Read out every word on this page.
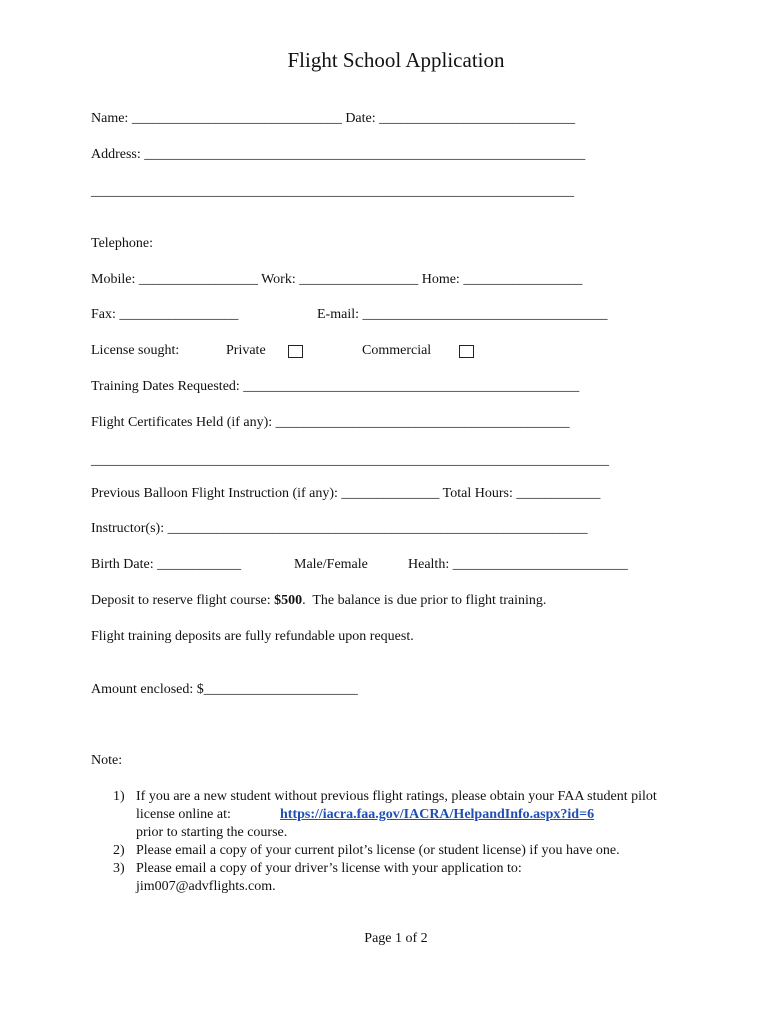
Flight School Application
Name: ______________________________ Date: ____________________________
Address: _______________________________________________________________
_____________________________________________________________________
Telephone:
Mobile: _________________ Work: _________________ Home: _________________
Fax: _________________	E-mail: ___________________________________
License sought:	Private	Commercial
Training Dates Requested: ________________________________________________
Flight Certificates Held (if any): __________________________________________
__________________________________________________________________________
Previous Balloon Flight Instruction (if any): ______________ Total Hours: ____________
Instructor(s): ____________________________________________________________
Birth Date: ____________	Male/Female	Health: _________________________
Deposit to reserve flight course: $500.  The balance is due prior to flight training.
Flight training deposits are fully refundable upon request.
Amount enclosed: $______________________
Note:
1) If you are a new student without previous flight ratings, please obtain your FAA student pilot
license online at:	https://iacra.faa.gov/IACRA/HelpandInfo.aspx?id=6
prior to starting the course.
2) Please email a copy of your current pilot’s license (or student license) if you have one.
3) Please email a copy of your driver’s license with your application to:
jim007@advflights.com.
Page 1 of 2
